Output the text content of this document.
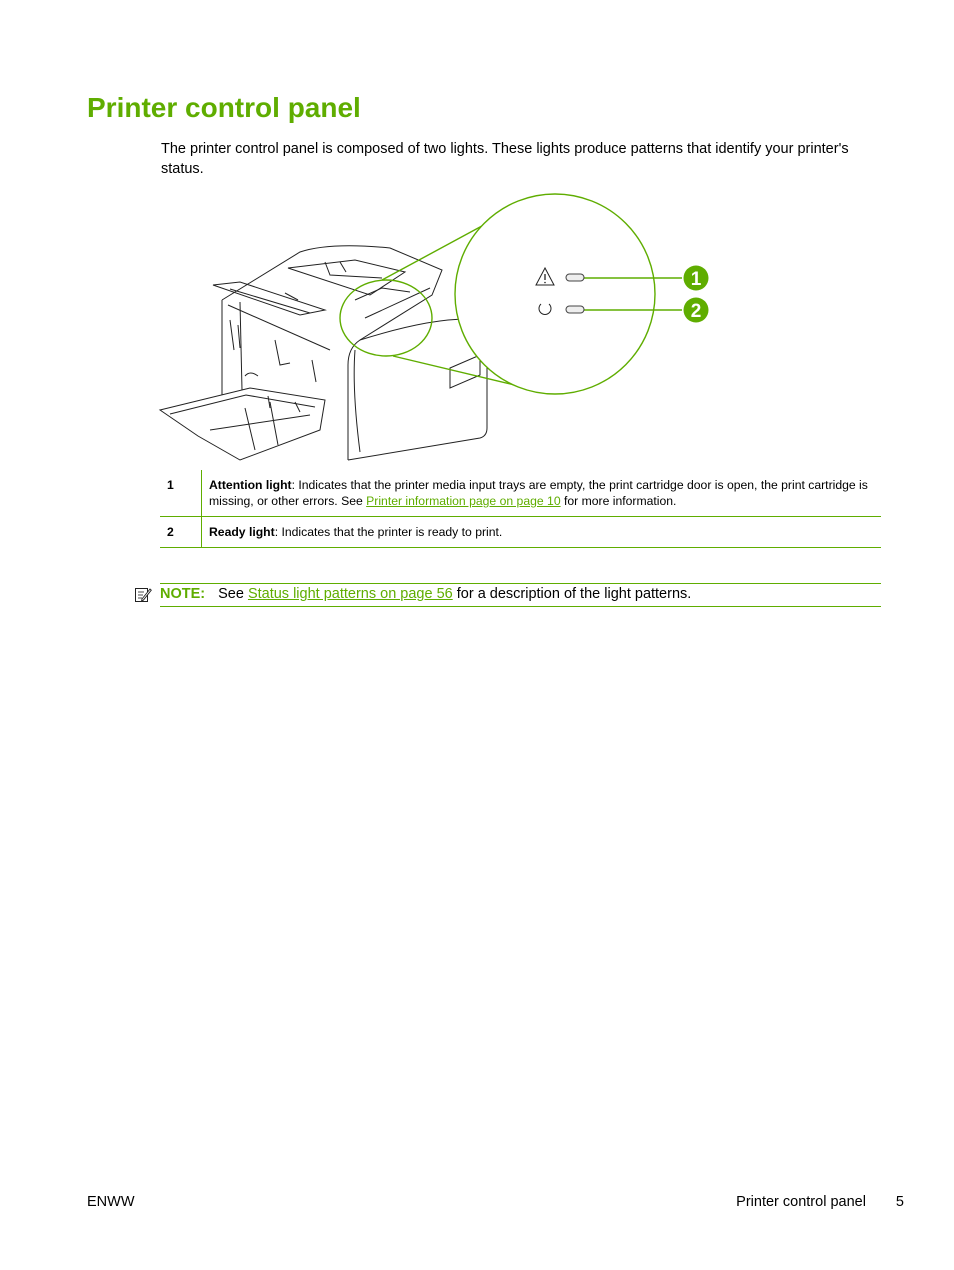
Printer control panel

The printer control panel is composed of two lights. These lights produce patterns that identify your printer's status.

1
2
1	Attention light: Indicates that the printer media input trays are empty, the print cartridge door is open, the print cartridge is missing, or other errors. See Printer information page on page 10 for more information.
2	Ready light: Indicates that the printer is ready to print.
NOTE: See Status light patterns on page 56 for a description of the light patterns.
ENWW	Printer control panel 5
